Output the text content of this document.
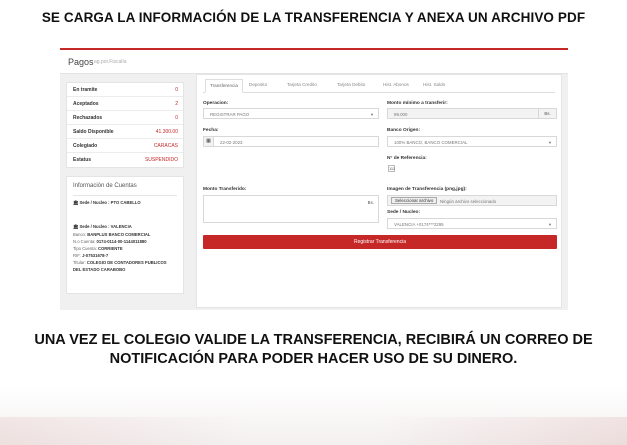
SE CARGA LA INFORMACIÓN DE LA TRANSFERENCIA Y ANEXA UN ARCHIVO PDF
Pagos ag.por.Fiscalía
En tramite	0
Aceptados	2
Rechazados	0
Saldo Disponible	41.300.00
Colegiado	CARACAS
Estatus	SUSPENDIDO
Información de Cuentas
🏛 Sede / Nucleo : PTO CABELLO
🏛 Sede / Nucleo : VALENCIA
Banco: BANPLUS BANCO COMERCIAL
N.o Cuenta: 0174-0114-00-1144011880
Tipo Cuenta: CORRIENTE
RIF: J-07531678-7
Titular: COLEGIO DE CONTADORES PUBLICOS
DEL ESTADO CARABOBO
Transferencia	Deposito	Tarjeta Credito	Tarjeta Debito	Hist. Abonos	Hist. Saldo
Operacion:
REGISTRAR PAGO	▼
Monto mínimo a transferir:
99.000	Bs.
Fecha:
▦	22-02-2023
Banco Origen:
100% BANCO, BANCO COMERCIAL	▼
N° de Referencia:
111
Monto Transferido:
Bs.
Imagen de Transferencia (png,jpg):
Seleccionar archivo	Ningún archivo seleccionado
Sede / Nucleo:
VALENCIA +0174***2295	▼
Registrar Transferencia
UNA VEZ EL COLEGIO VALIDE LA TRANSFERENCIA, RECIBIRÁ UN CORREO DE
NOTIFICACIÓN PARA PODER HACER USO DE SU DINERO.
